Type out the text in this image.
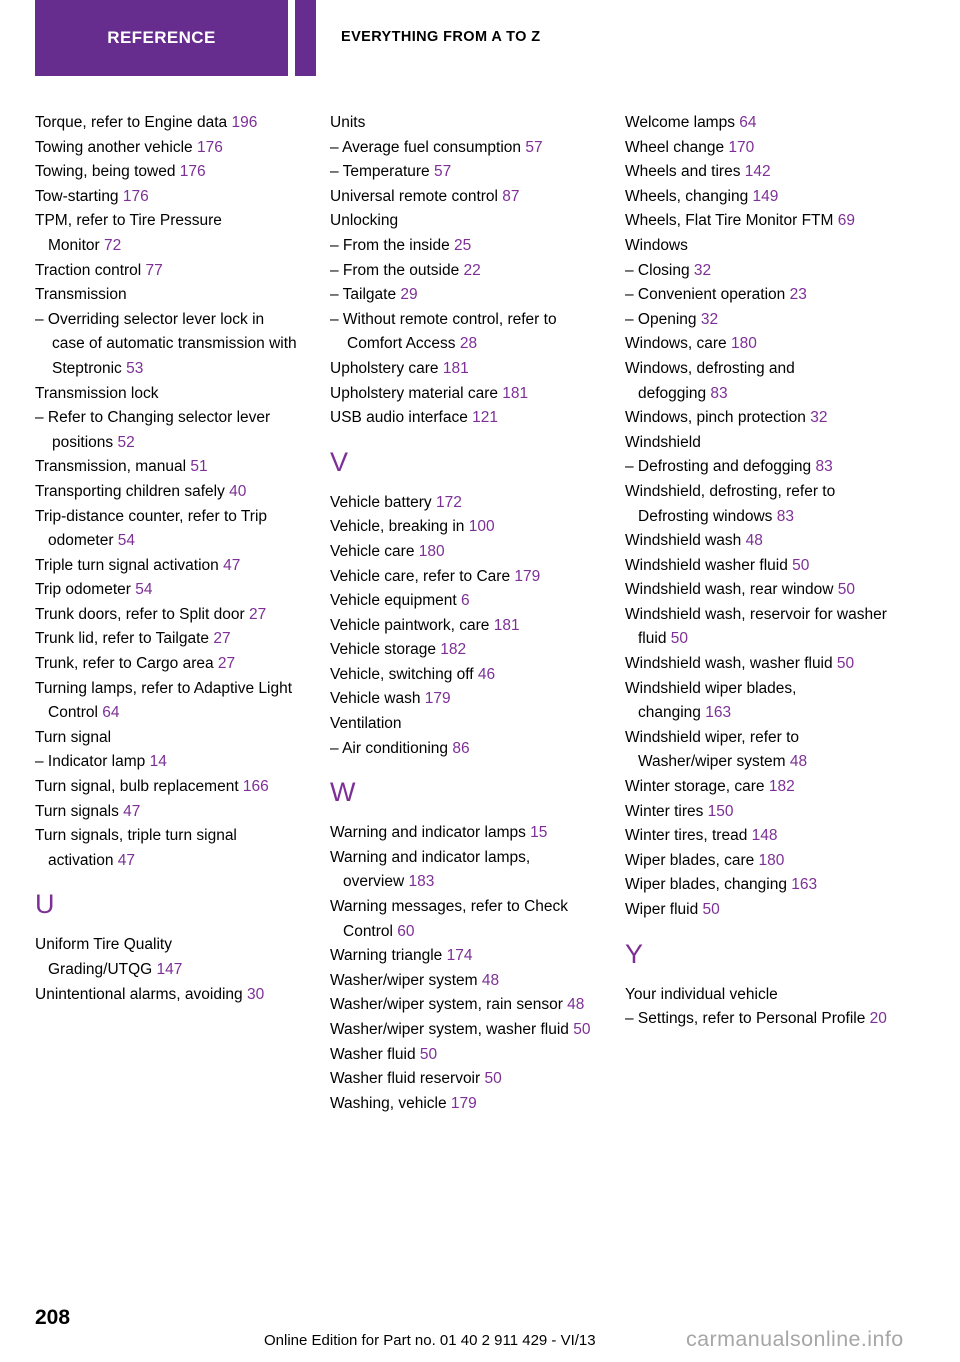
REFERENCE	EVERYTHING FROM A TO Z
Torque, refer to Engine data 196
Towing another vehicle 176
Towing, being towed 176
Tow-starting 176
TPM, refer to Tire Pressure Monitor 72
Traction control 77
Transmission
– Overriding selector lever lock in case of automatic transmission with Steptronic 53
Transmission lock
– Refer to Changing selector lever positions 52
Transmission, manual 51
Transporting children safely 40
Trip-distance counter, refer to Trip odometer 54
Triple turn signal activation 47
Trip odometer 54
Trunk doors, refer to Split door 27
Trunk lid, refer to Tailgate 27
Trunk, refer to Cargo area 27
Turning lamps, refer to Adaptive Light Control 64
Turn signal
– Indicator lamp 14
Turn signal, bulb replacement 166
Turn signals 47
Turn signals, triple turn signal activation 47
U
Uniform Tire Quality Grading/UTQG 147
Unintentional alarms, avoiding 30
Units
– Average fuel consumption 57
– Temperature 57
Universal remote control 87
Unlocking
– From the inside 25
– From the outside 22
– Tailgate 29
– Without remote control, refer to Comfort Access 28
Upholstery care 181
Upholstery material care 181
USB audio interface 121
V
Vehicle battery 172
Vehicle, breaking in 100
Vehicle care 180
Vehicle care, refer to Care 179
Vehicle equipment 6
Vehicle paintwork, care 181
Vehicle storage 182
Vehicle, switching off 46
Vehicle wash 179
Ventilation
– Air conditioning 86
W
Warning and indicator lamps 15
Warning and indicator lamps, overview 183
Warning messages, refer to Check Control 60
Warning triangle 174
Washer/wiper system 48
Washer/wiper system, rain sensor 48
Washer/wiper system, washer fluid 50
Washer fluid 50
Washer fluid reservoir 50
Washing, vehicle 179
Welcome lamps 64
Wheel change 170
Wheels and tires 142
Wheels, changing 149
Wheels, Flat Tire Monitor FTM 69
Windows
– Closing 32
– Convenient operation 23
– Opening 32
Windows, care 180
Windows, defrosting and defogging 83
Windows, pinch protection 32
Windshield
– Defrosting and defogging 83
Windshield, defrosting, refer to Defrosting windows 83
Windshield wash 48
Windshield washer fluid 50
Windshield wash, rear window 50
Windshield wash, reservoir for washer fluid 50
Windshield wash, washer fluid 50
Windshield wiper blades, changing 163
Windshield wiper, refer to Washer/wiper system 48
Winter storage, care 182
Winter tires 150
Winter tires, tread 148
Wiper blades, care 180
Wiper blades, changing 163
Wiper fluid 50
Y
Your individual vehicle
– Settings, refer to Personal Profile 20
208
Online Edition for Part no. 01 40 2 911 429 - VI/13	carmanualsonline.info
